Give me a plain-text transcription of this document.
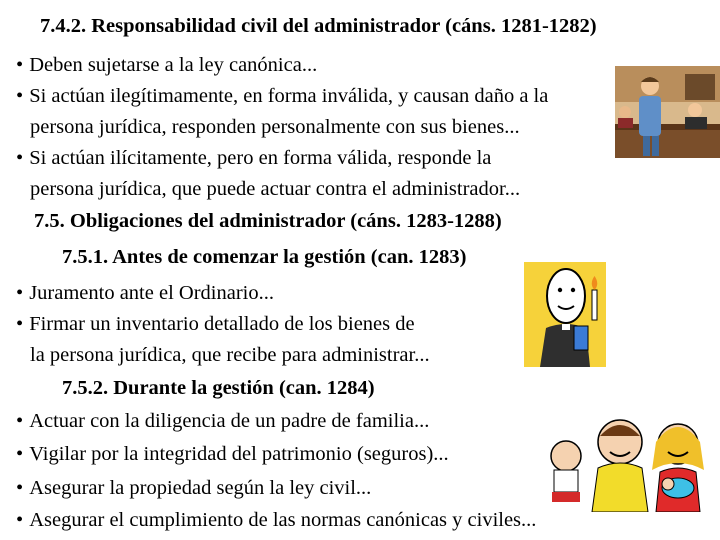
7.4.2. Responsabilidad civil del administrador (cáns. 1281-1282)
• Deben sujetarse a la ley canónica...
• Si actúan ilegítimamente, en forma inválida, y causan daño a la
persona jurídica, responden personalmente con sus bienes...
• Si actúan ilícitamente, pero en forma válida, responde la
persona jurídica, que puede actuar contra el administrador...
7.5. Obligaciones del administrador (cáns. 1283-1288)
7.5.1. Antes de comenzar la gestión (can. 1283)
• Juramento ante el Ordinario...
• Firmar un inventario detallado de los bienes de
la persona jurídica, que recibe para administrar...
7.5.2. Durante la gestión (can. 1284)
• Actuar con la diligencia de un padre de familia...
• Vigilar por la integridad del patrimonio (seguros)...
• Asegurar la propiedad según la ley civil...
• Asegurar el cumplimiento de las normas canónicas y civiles...
